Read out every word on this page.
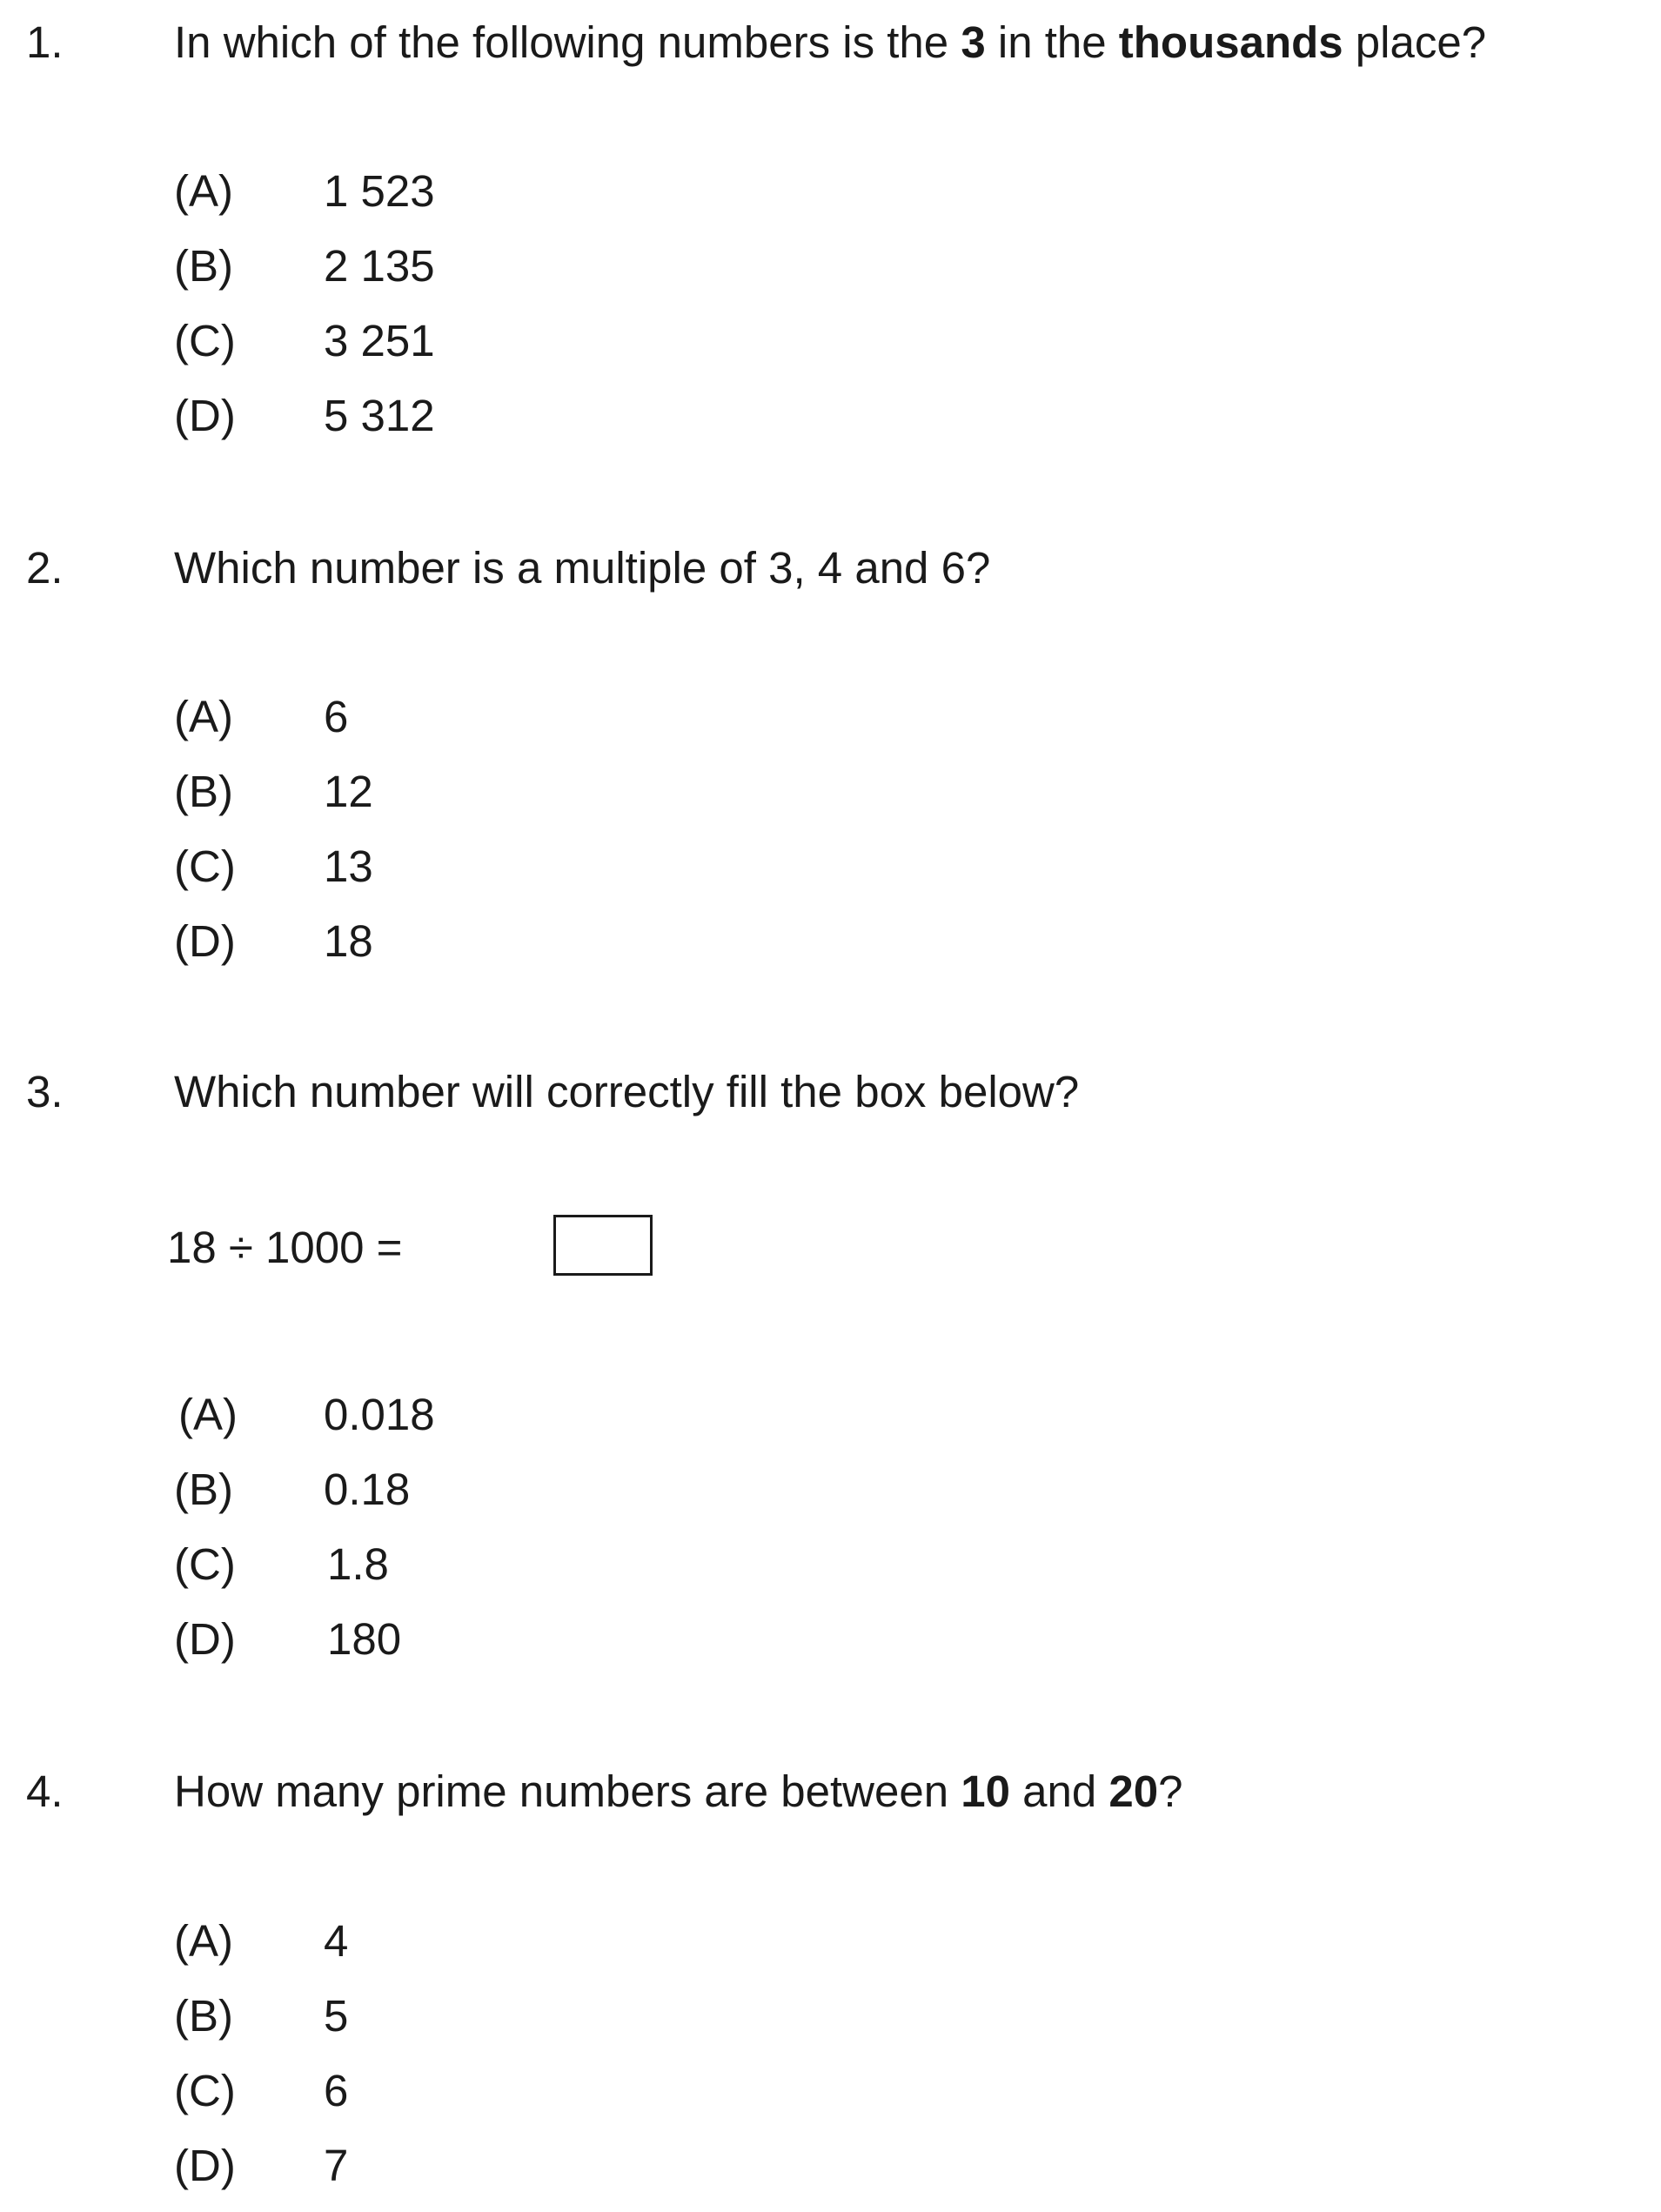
1. In which of the following numbers is the 3 in the thousands place?
(A) 1 523
(B) 2 135
(C) 3 251
(D) 5 312
2. Which number is a multiple of 3, 4 and 6?
(A) 6
(B) 12
(C) 13
(D) 18
3. Which number will correctly fill the box below?
18 ÷ 1000 =
(A) 0.018
(B) 0.18
(C) 1.8
(D) 180
4. How many prime numbers are between 10 and 20?
(A) 4
(B) 5
(C) 6
(D) 7
